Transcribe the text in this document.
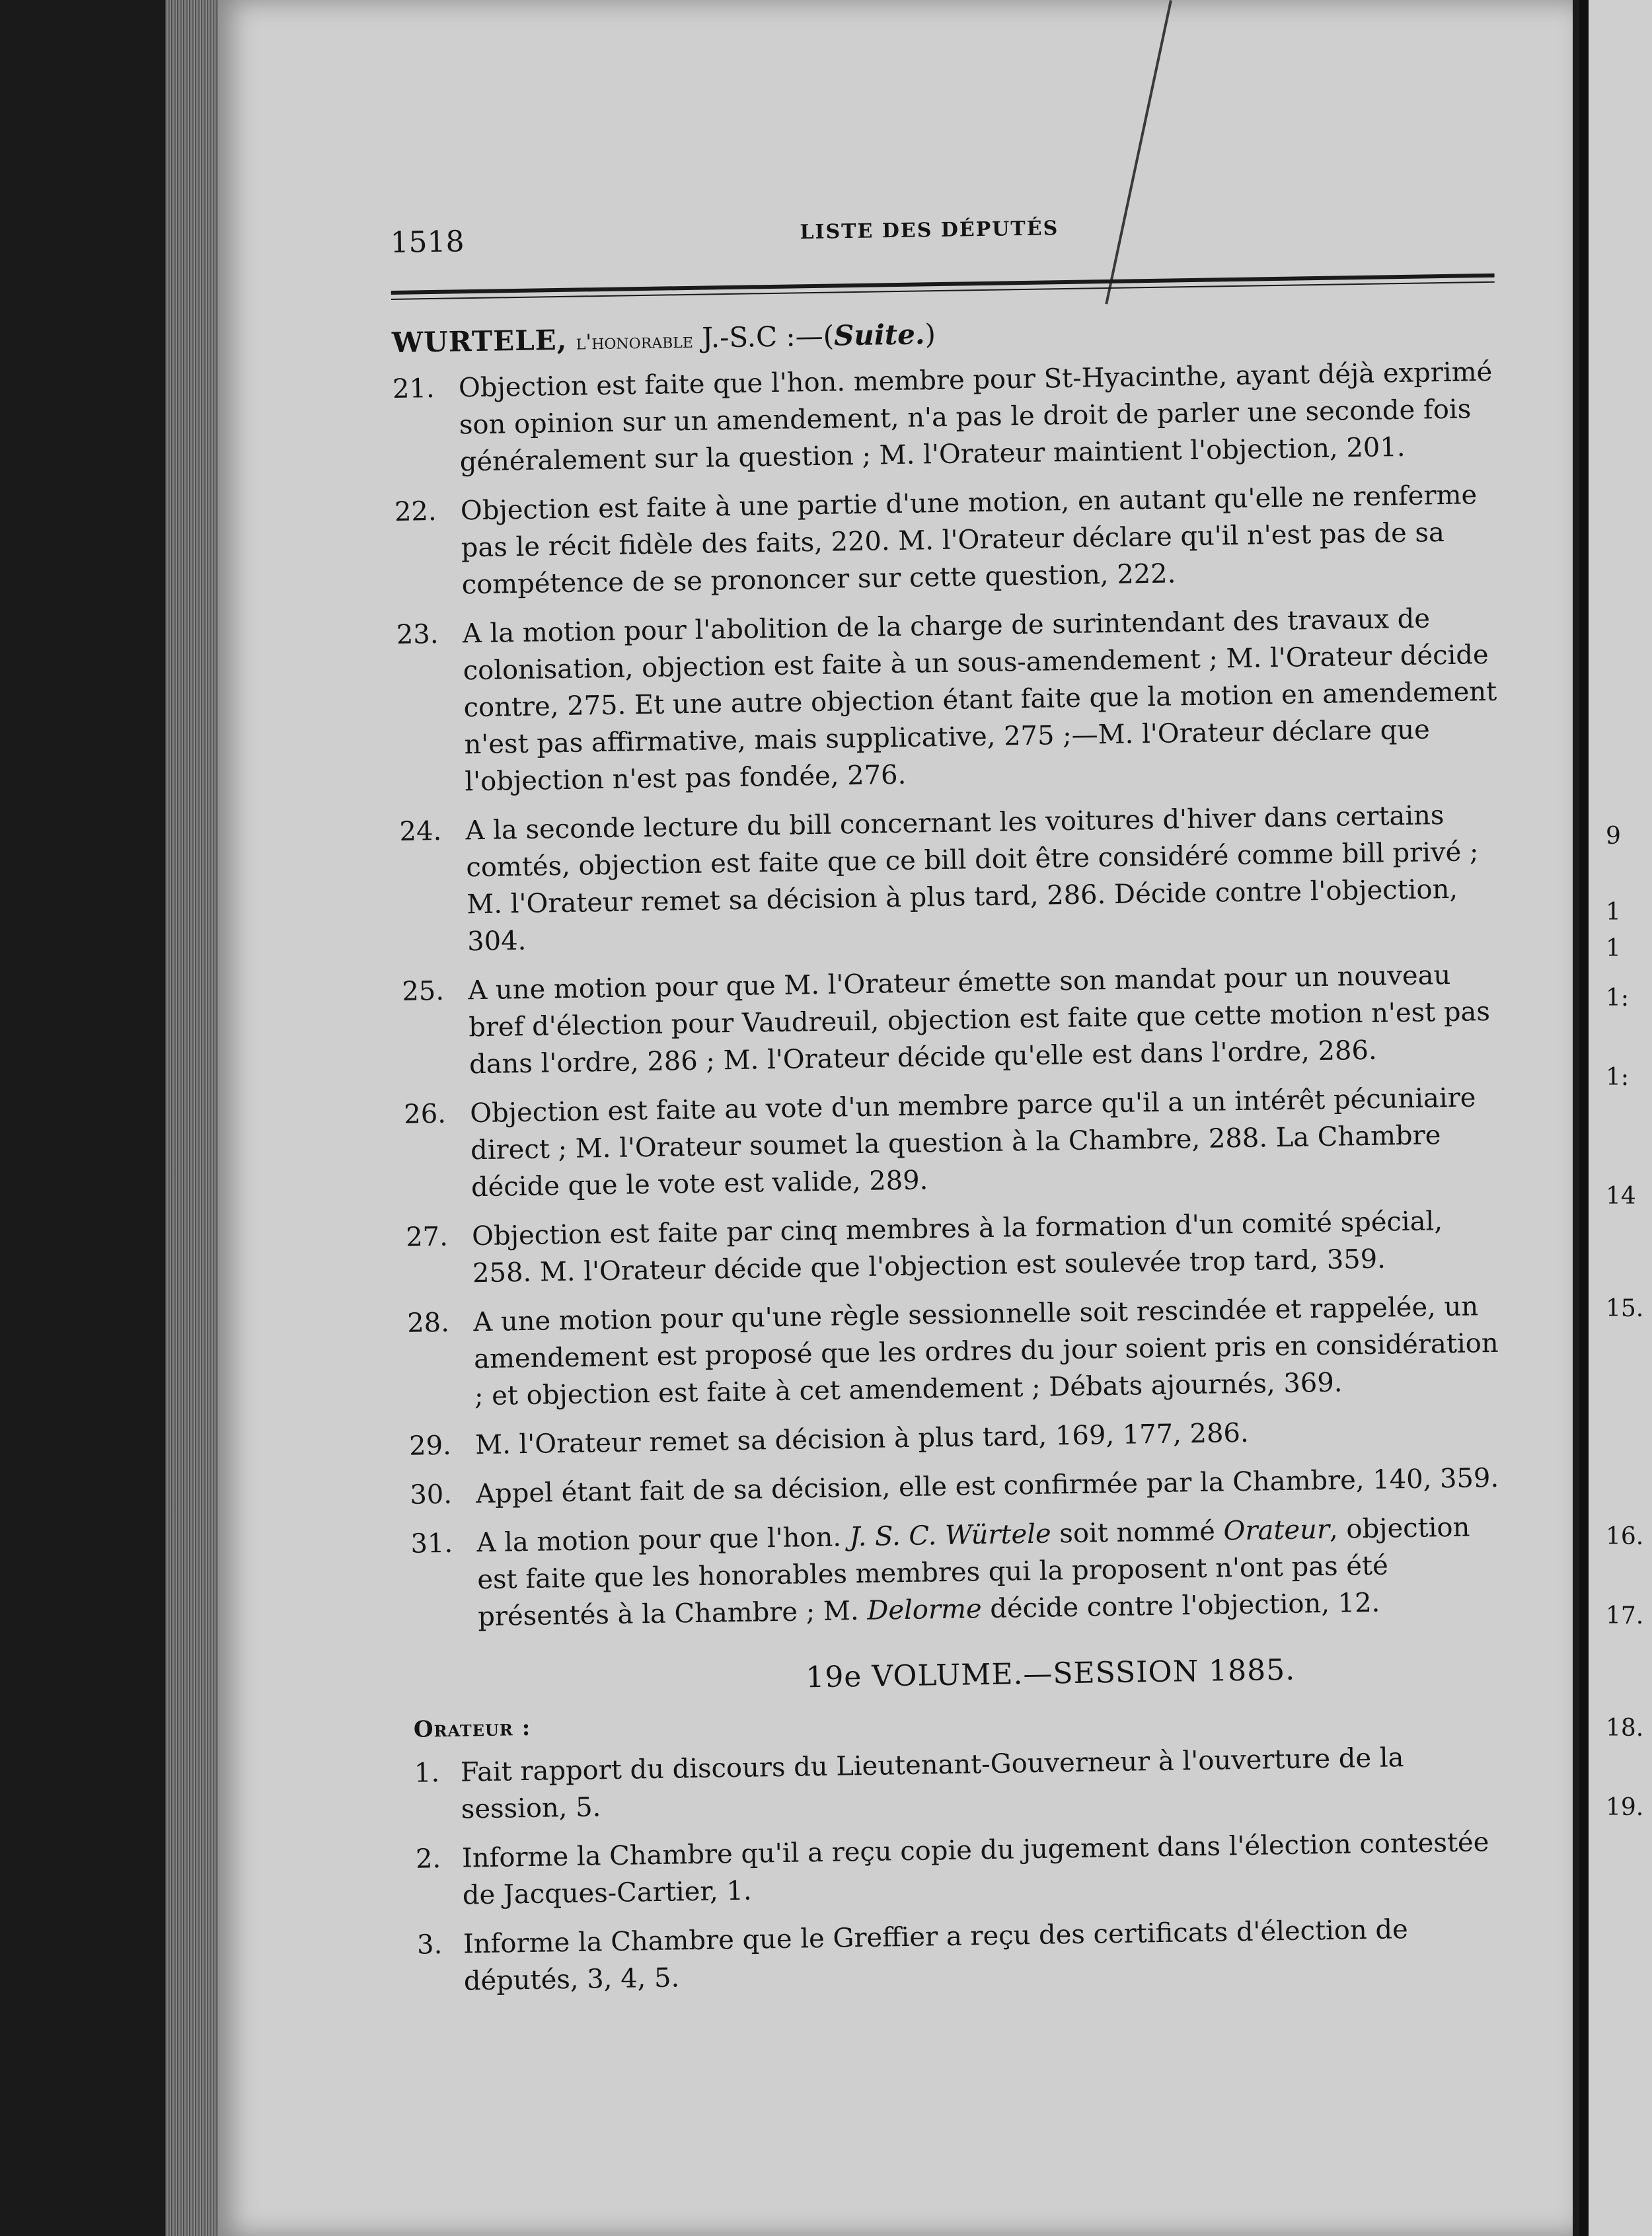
9
1
1
1:
1:
14
15.
16.
17.
18.
19.
1518	LISTE DES DÉPUTÉS
WURTELE, l'honorable J.-S.C :—(Suite.)
21. Objection est faite que l'hon. membre pour St-Hyacinthe, ayant déjà exprimé son opinion sur un amendement, n'a pas le droit de parler une seconde fois généralement sur la question ; M. l'Orateur maintient l'objection, 201.
22. Objection est faite à une partie d'une motion, en autant qu'elle ne renferme pas le récit fidèle des faits, 220. M. l'Orateur déclare qu'il n'est pas de sa compétence de se prononcer sur cette question, 222.
23. A la motion pour l'abolition de la charge de surintendant des travaux de colonisation, objection est faite à un sous-amendement ; M. l'Orateur décide contre, 275. Et une autre objection étant faite que la motion en amendement n'est pas affirmative, mais supplicative, 275 ;—M. l'Orateur déclare que l'objection n'est pas fondée, 276.
24. A la seconde lecture du bill concernant les voitures d'hiver dans certains comtés, objection est faite que ce bill doit être considéré comme bill privé ; M. l'Orateur remet sa décision à plus tard, 286. Décide contre l'objection, 304.
25. A une motion pour que M. l'Orateur émette son mandat pour un nouveau bref d'élection pour Vaudreuil, objection est faite que cette motion n'est pas dans l'ordre, 286 ; M. l'Orateur décide qu'elle est dans l'ordre, 286.
26. Objection est faite au vote d'un membre parce qu'il a un intérêt pécuniaire direct ; M. l'Orateur soumet la question à la Chambre, 288. La Chambre décide que le vote est valide, 289.
27. Objection est faite par cinq membres à la formation d'un comité spécial, 258. M. l'Orateur décide que l'objection est soulevée trop tard, 359.
28. A une motion pour qu'une règle sessionnelle soit rescindée et rappelée, un amendement est proposé que les ordres du jour soient pris en considération ; et objection est faite à cet amendement ; Débats ajournés, 369.
29. M. l'Orateur remet sa décision à plus tard, 169, 177, 286.
30. Appel étant fait de sa décision, elle est confirmée par la Chambre, 140, 359.
31. A la motion pour que l'hon. J. S. C. Würtele soit nommé Orateur, objection est faite que les honorables membres qui la proposent n'ont pas été présentés à la Chambre ; M. Delorme décide contre l'objection, 12.
19e VOLUME.—SESSION 1885.
Orateur :
1. Fait rapport du discours du Lieutenant-Gouverneur à l'ouverture de la session, 5.
2. Informe la Chambre qu'il a reçu copie du jugement dans l'élection contestée de Jacques-Cartier, 1.
3. Informe la Chambre que le Greffier a reçu des certificats d'élection de députés, 3, 4, 5.
